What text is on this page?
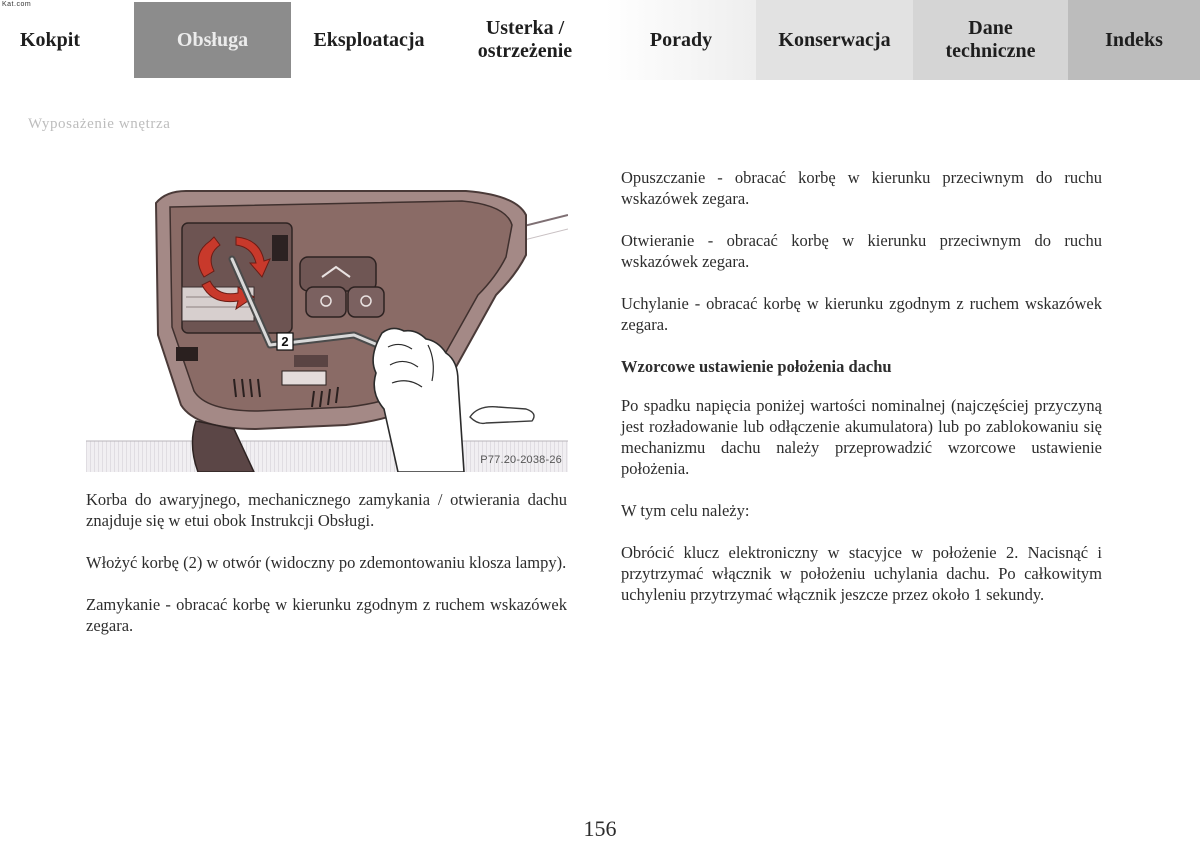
Kat.com
Kokpit	Obsługa	Eksploatacja
Usterka /
ostrzeżenie
Porady	Konserwacja
Dane
techniczne
Indeks
Wyposażenie wnętrza
2
P77.20-2038-26

Korba do awaryjnego, mechanicznego zamykania / otwierania dachu znajduje się w etui obok Instrukcji Obsługi.

Włożyć korbę (2) w otwór (widoczny po zdemontowaniu klosza lampy).

Zamykanie - obracać korbę w kierunku zgodnym z ruchem wskazówek zegara.

Opuszczanie - obracać korbę w kierunku przeciwnym do ruchu wskazówek zegara.

Otwieranie - obracać korbę w kierunku przeciwnym do ruchu wskazówek zegara.

Uchylanie - obracać korbę w kierunku zgodnym z ruchem wskazówek zegara.

Wzorcowe ustawienie położenia dachu

Po spadku napięcia poniżej wartości nominalnej (najczęściej przyczyną jest rozładowanie lub odłączenie akumulatora) lub po zablokowaniu się mechanizmu dachu należy przeprowadzić wzorcowe ustawienie położenia.

W tym celu należy:

Obrócić klucz elektroniczny w stacyjce w położenie 2. Nacisnąć i przytrzymać włącznik w położeniu uchylania dachu. Po całkowitym uchyleniu przytrzymać włącznik jeszcze przez około 1 sekundy.

156
